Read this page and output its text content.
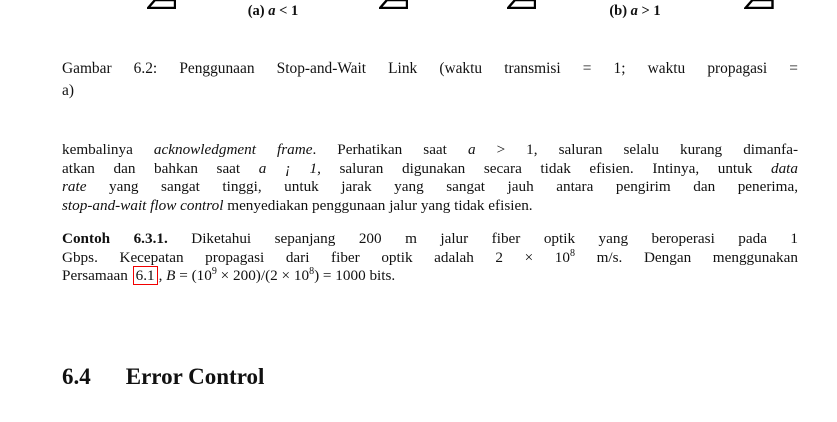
(a) a < 1	(b) a > 1
Gambar 6.2: Penggunaan Stop-and-Wait Link (waktu transmisi = 1; waktu propagasi =
a)
kembalinya acknowledgment frame. Perhatikan saat a > 1, saluran selalu kurang dimanfa-
atkan dan bahkan saat a ¡ 1, saluran digunakan secara tidak efisien. Intinya, untuk data
rate yang sangat tinggi, untuk jarak yang sangat jauh antara pengirim dan penerima,
stop-and-wait flow control menyediakan penggunaan jalur yang tidak efisien.
Contoh 6.3.1. Diketahui sepanjang 200 m jalur fiber optik yang beroperasi pada 1
Gbps. Kecepatan propagasi dari fiber optik adalah $2 \times 10^8$ m/s. Dengan menggunakan
Persamaan 6.1 , $B = (10^9 \times 200)/(2 \times 10^8) = 1000$ bits.
6.4 Error Control
